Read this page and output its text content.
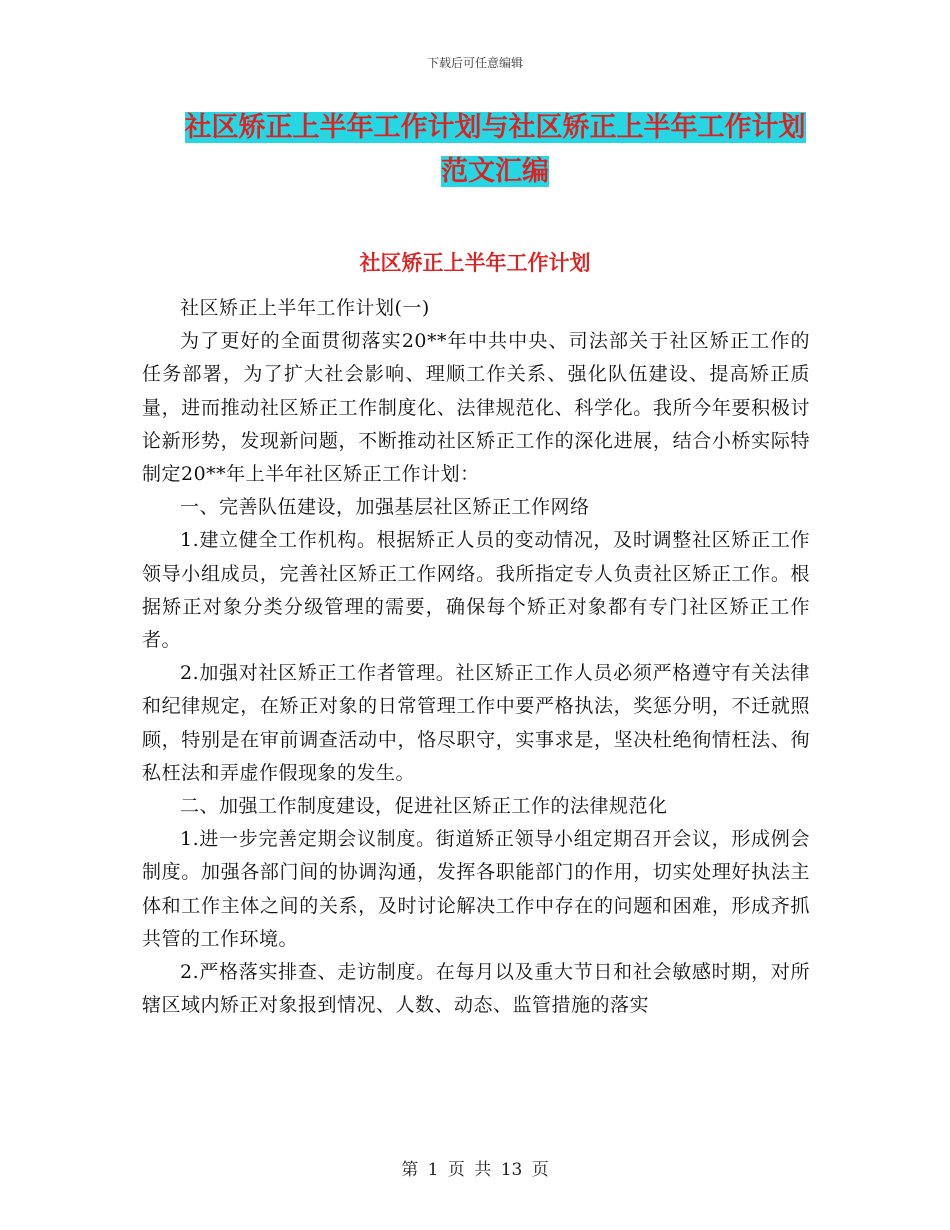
下载后可任意编辑
社区矫正上半年工作计划与社区矫正上半年工作计划
范文汇编
社区矫正上半年工作计划

社区矫正上半年工作计划(一)

为了更好的全面贯彻落实20**年中共中央、司法部关于社区矫正工作的任务部署，为了扩大社会影响、理顺工作关系、强化队伍建设、提高矫正质量，进而推动社区矫正工作制度化、法律规范化、科学化。我所今年要积极讨论新形势，发现新问题，不断推动社区矫正工作的深化进展，结合小桥实际特制定20**年上半年社区矫正工作计划：

一、完善队伍建设，加强基层社区矫正工作网络

1.建立健全工作机构。根据矫正人员的变动情况，及时调整社区矫正工作领导小组成员，完善社区矫正工作网络。我所指定专人负责社区矫正工作。根据矫正对象分类分级管理的需要，确保每个矫正对象都有专门社区矫正工作者。

2.加强对社区矫正工作者管理。社区矫正工作人员必须严格遵守有关法律和纪律规定，在矫正对象的日常管理工作中要严格执法，奖惩分明，不迁就照顾，特别是在审前调查活动中，恪尽职守，实事求是，坚决杜绝徇情枉法、徇私枉法和弄虚作假现象的发生。

二、加强工作制度建设，促进社区矫正工作的法律规范化

1.进一步完善定期会议制度。街道矫正领导小组定期召开会议，形成例会制度。加强各部门间的协调沟通，发挥各职能部门的作用，切实处理好执法主体和工作主体之间的关系，及时讨论解决工作中存在的问题和困难，形成齐抓共管的工作环境。

2.严格落实排查、走访制度。在每月以及重大节日和社会敏感时期，对所辖区域内矫正对象报到情况、人数、动态、监管措施的落实

第 1 页 共 13 页
